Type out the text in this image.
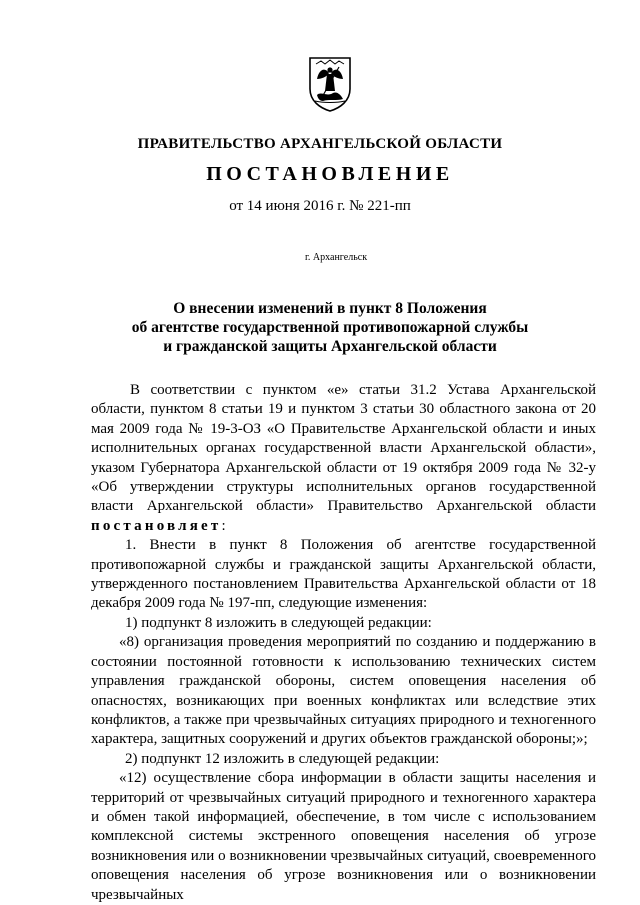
ПРАВИТЕЛЬСТВО АРХАНГЕЛЬСКОЙ ОБЛАСТИ
ПОСТАНОВЛЕНИЕ
от 14 июня 2016 г. № 221-пп
г. Архангельск
О внесении изменений в пункт 8 Положения
об агентстве государственной противопожарной службы
и гражданской защиты Архангельской области

В соответствии с пунктом «е» статьи 31.2 Устава Архангельской области, пунктом 8 статьи 19 и пунктом 3 статьи 30 областного закона от 20 мая 2009 года № 19-3-ОЗ «О Правительстве Архангельской области и иных исполнительных органах государственной власти Архангельской области», указом Губернатора Архангельской области от 19 октября 2009 года № 32-у «Об утверждении структуры исполнительных органов государственной власти Архангельской области» Правительство Архангельской области постановляет:

1. Внести в пункт 8 Положения об агентстве государственной противопожарной службы и гражданской защиты Архангельской области, утвержденного постановлением Правительства Архангельской области от 18 декабря 2009 года № 197-пп, следующие изменения:

1) подпункт 8 изложить в следующей редакции:

«8) организация проведения мероприятий по созданию и поддержанию в состоянии постоянной готовности к использованию технических систем управления гражданской обороны, систем оповещения населения об опасностях, возникающих при военных конфликтах или вследствие этих конфликтов, а также при чрезвычайных ситуациях природного и техногенного характера, защитных сооружений и других объектов гражданской обороны;»;

2) подпункт 12 изложить в следующей редакции:

«12) осуществление сбора информации в области защиты населения и территорий от чрезвычайных ситуаций природного и техногенного характера и обмен такой информацией, обеспечение, в том числе с использованием комплексной системы экстренного оповещения населения об угрозе возникновения или о возникновении чрезвычайных ситуаций, своевременного оповещения населения об угрозе возникновения или о возникновении чрезвычайных
